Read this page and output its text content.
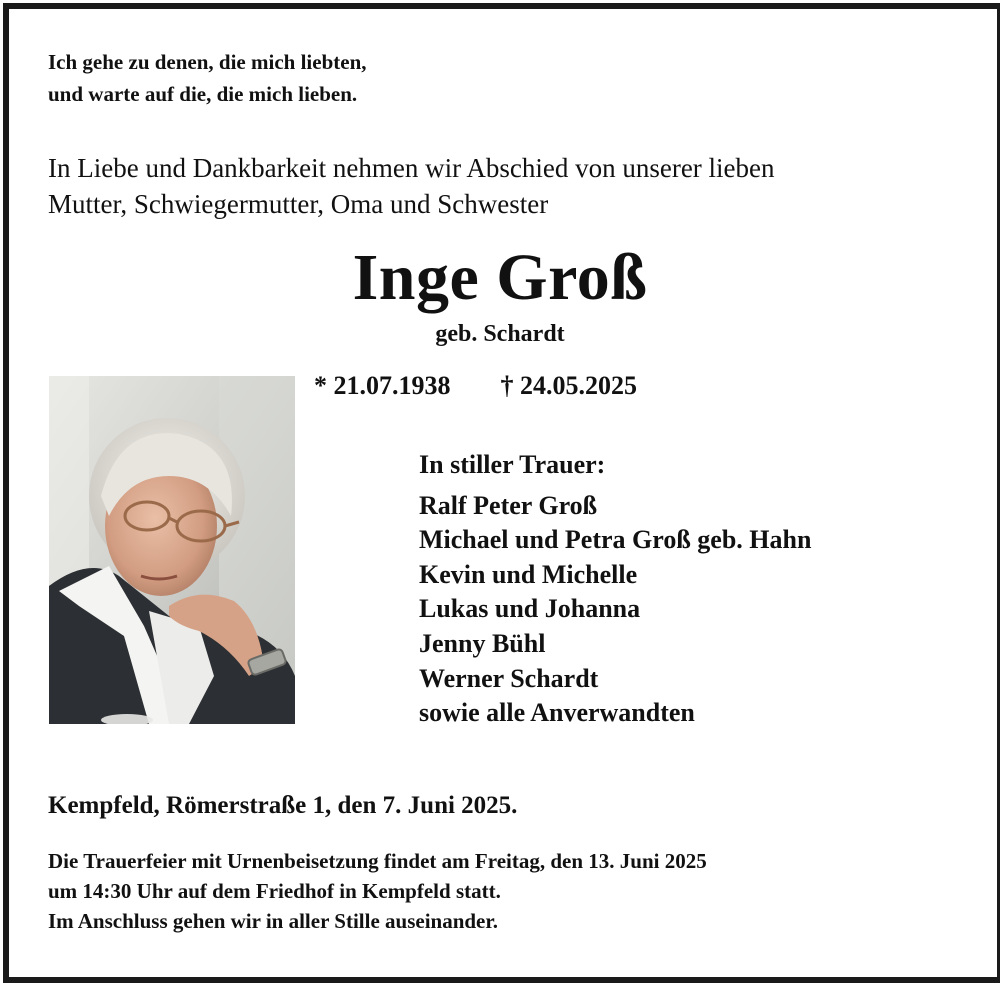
Ich gehe zu denen, die mich liebten,
und warte auf die, die mich lieben.
In Liebe und Dankbarkeit nehmen wir Abschied von unserer lieben
Mutter, Schwiegermutter, Oma und Schwester
Inge Groß
geb. Schardt
* 21.07.1938 † 24.05.2025
In stiller Trauer:
Ralf Peter Groß
Michael und Petra Groß geb. Hahn
Kevin und Michelle
Lukas und Johanna
Jenny Bühl
Werner Schardt
sowie alle Anverwandten
Kempfeld, Römerstraße 1, den 7. Juni 2025.
Die Trauerfeier mit Urnenbeisetzung findet am Freitag, den 13. Juni 2025
um 14:30 Uhr auf dem Friedhof in Kempfeld statt.
Im Anschluss gehen wir in aller Stille auseinander.
